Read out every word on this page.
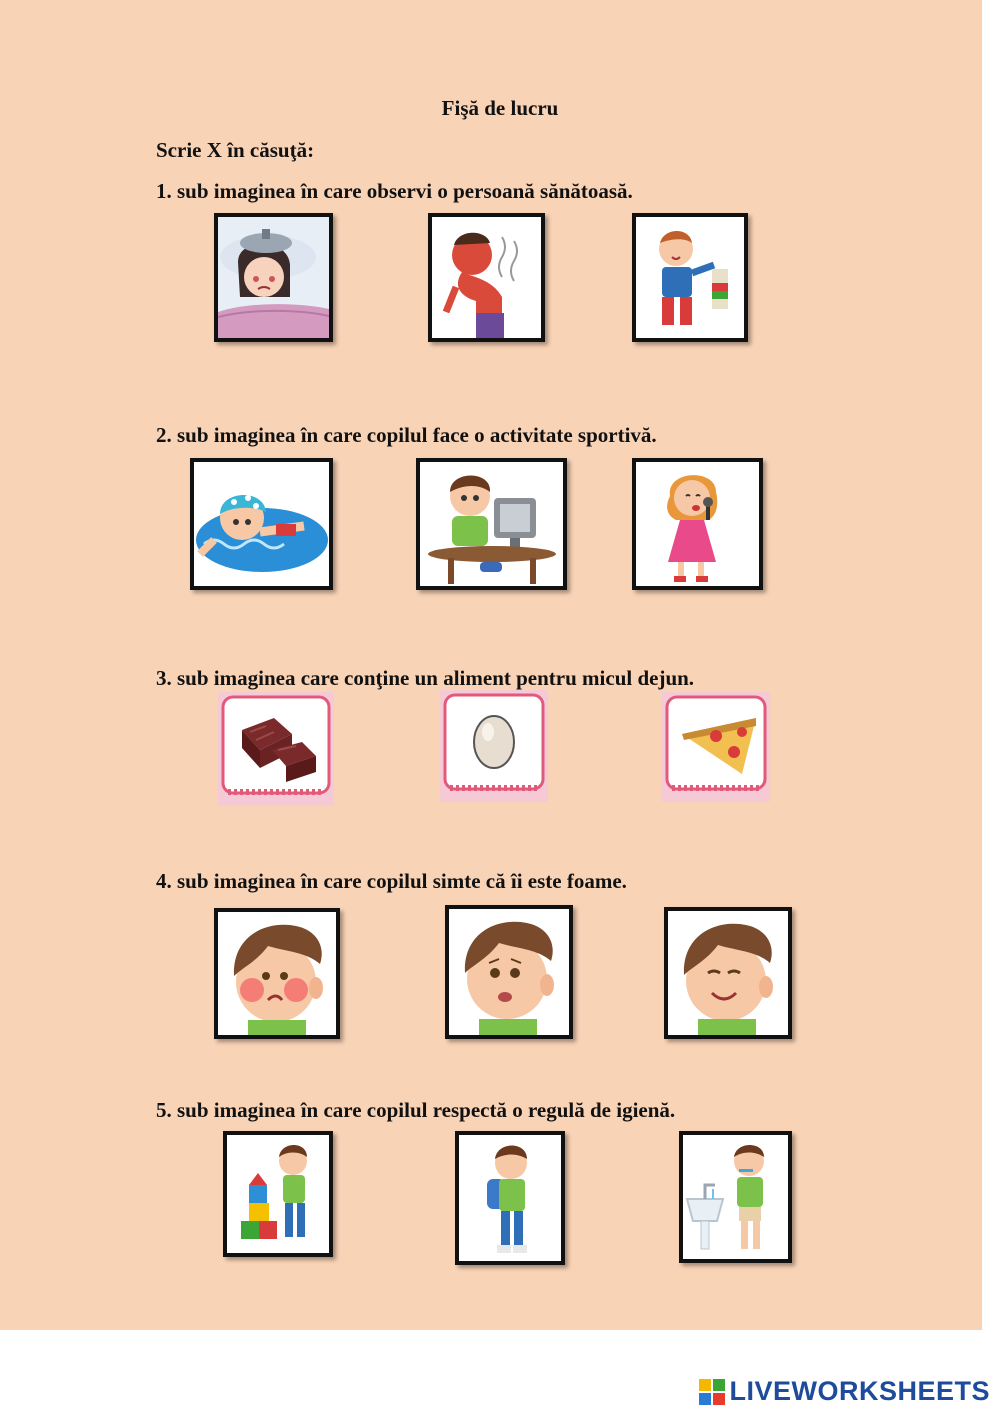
Fişă de lucru
Scrie X în căsuţă:
1. sub imaginea în care observi o persoană sănătoasă.
2. sub imaginea în care copilul face o activitate sportivă.
3. sub imaginea care conţine un aliment pentru micul dejun.
4. sub imaginea în care copilul simte că îi este foame.
5. sub imaginea în care copilul respectă o regulă de igienă.
LIVEWORKSHEETS
